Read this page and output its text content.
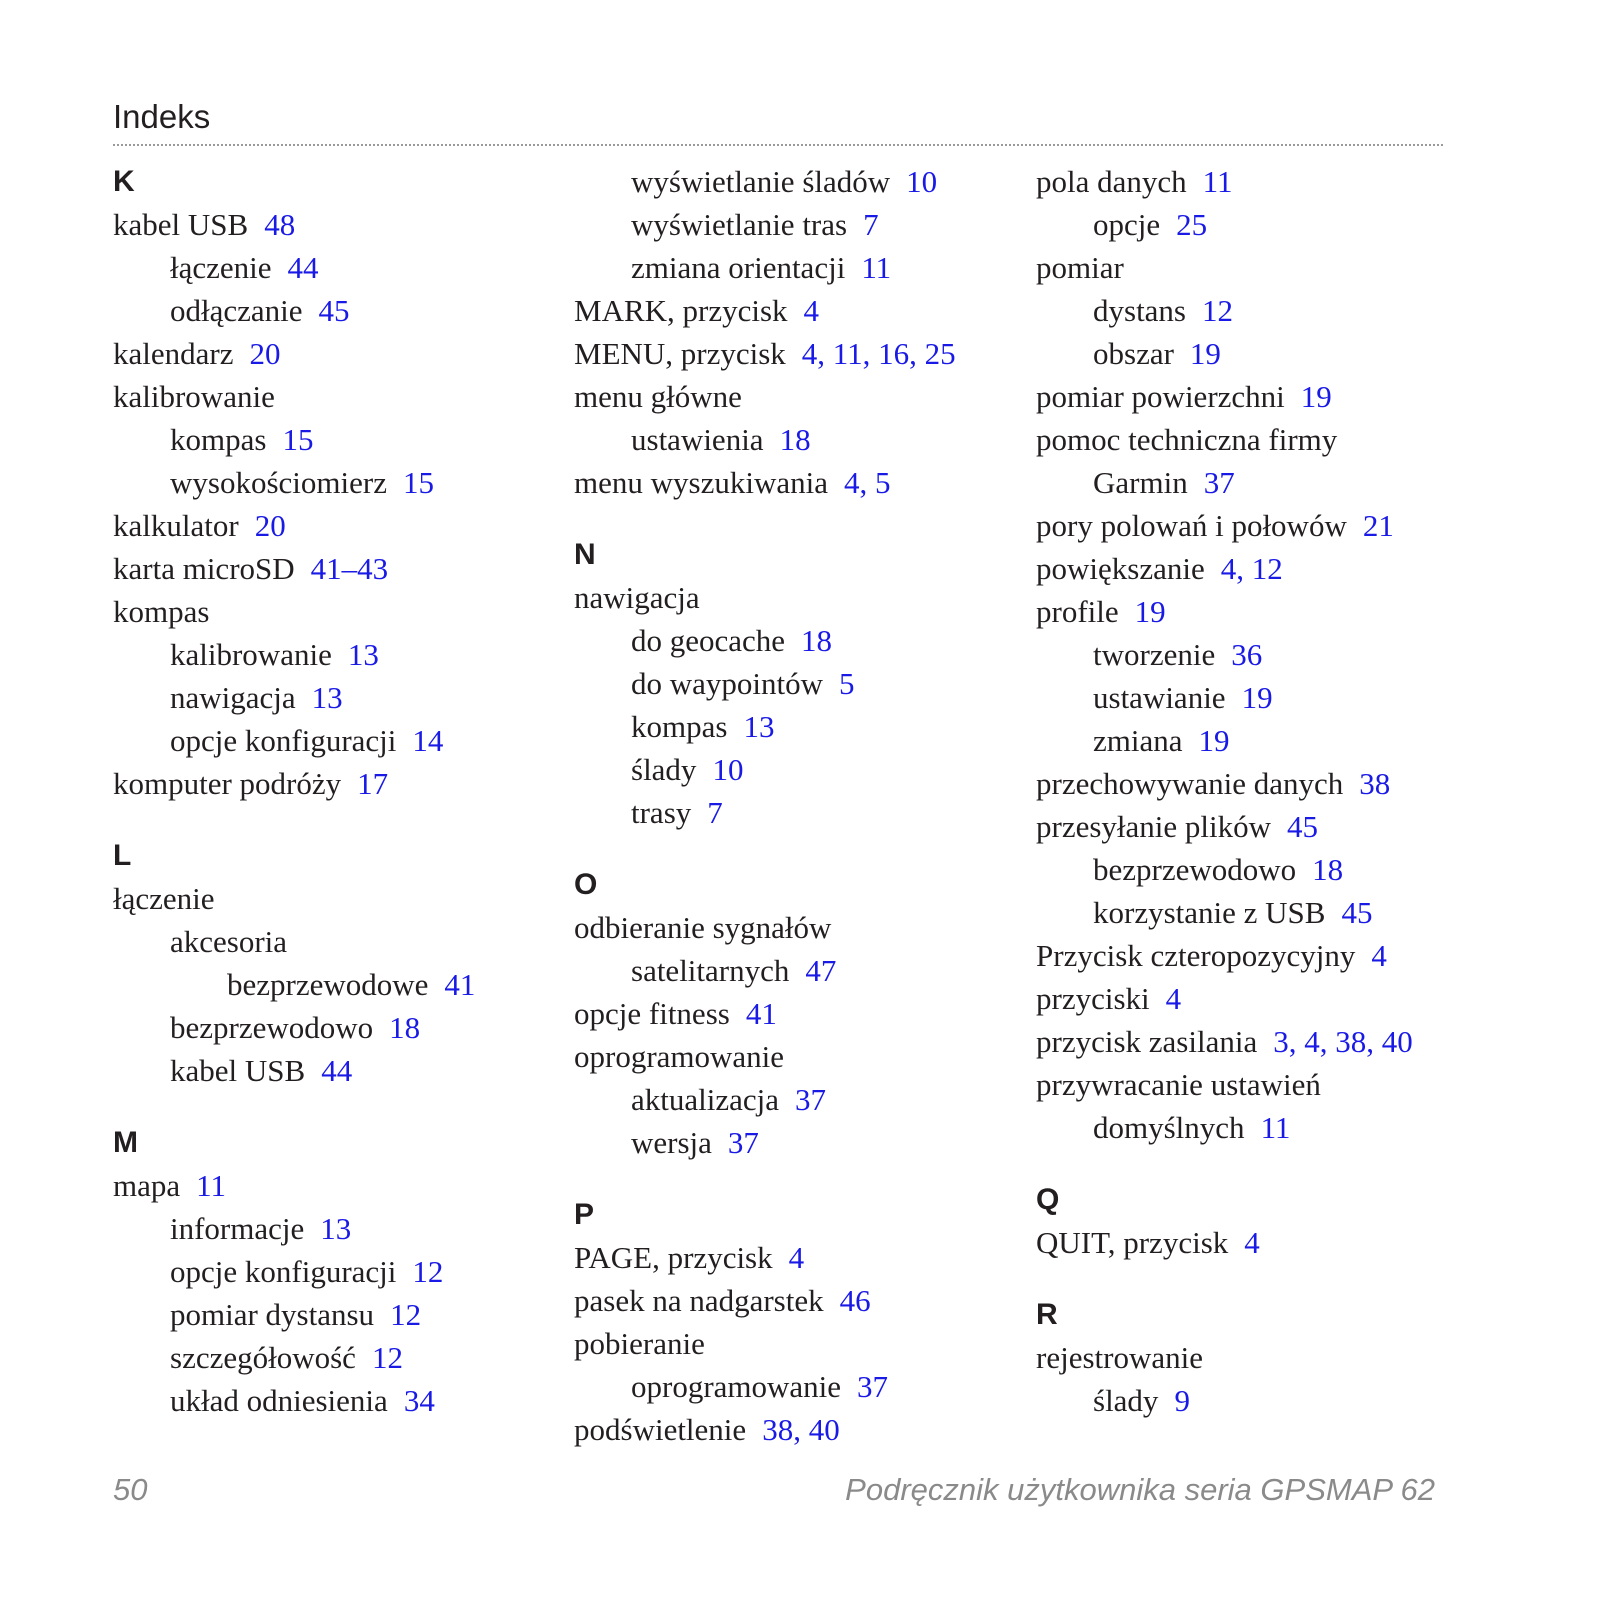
Indeks
K
kabel USB 48
łączenie 44
odłączanie 45
kalendarz 20
kalibrowanie
kompas 15
wysokościomierz 15
kalkulator 20
karta microSD 41–43
kompas
kalibrowanie 13
nawigacja 13
opcje konfiguracji 14
komputer podróży 17
L
łączenie
akcesoria
bezprzewodowe 41
bezprzewodowo 18
kabel USB 44
M
mapa 11
informacje 13
opcje konfiguracji 12
pomiar dystansu 12
szczegółowość 12
układ odniesienia 34
wyświetlanie śladów 10
wyświetlanie tras 7
zmiana orientacji 11
MARK, przycisk 4
MENU, przycisk 4, 11, 16, 25
menu główne
ustawienia 18
menu wyszukiwania 4, 5
N
nawigacja
do geocache 18
do waypointów 5
kompas 13
ślady 10
trasy 7
O
odbieranie sygnałów
satelitarnych 47
opcje fitness 41
oprogramowanie
aktualizacja 37
wersja 37
P
PAGE, przycisk 4
pasek na nadgarstek 46
pobieranie
oprogramowanie 37
podświetlenie 38, 40
pola danych 11
opcje 25
pomiar
dystans 12
obszar 19
pomiar powierzchni 19
pomoc techniczna firmy
Garmin 37
pory polowań i połowów 21
powiększanie 4, 12
profile 19
tworzenie 36
ustawianie 19
zmiana 19
przechowywanie danych 38
przesyłanie plików 45
bezprzewodowo 18
korzystanie z USB 45
Przycisk czteropozycyjny 4
przyciski 4
przycisk zasilania 3, 4, 38, 40
przywracanie ustawień
domyślnych 11
Q
QUIT, przycisk 4
R
rejestrowanie
ślady 9
50	Podręcznik użytkownika seria GPSMAP 62
